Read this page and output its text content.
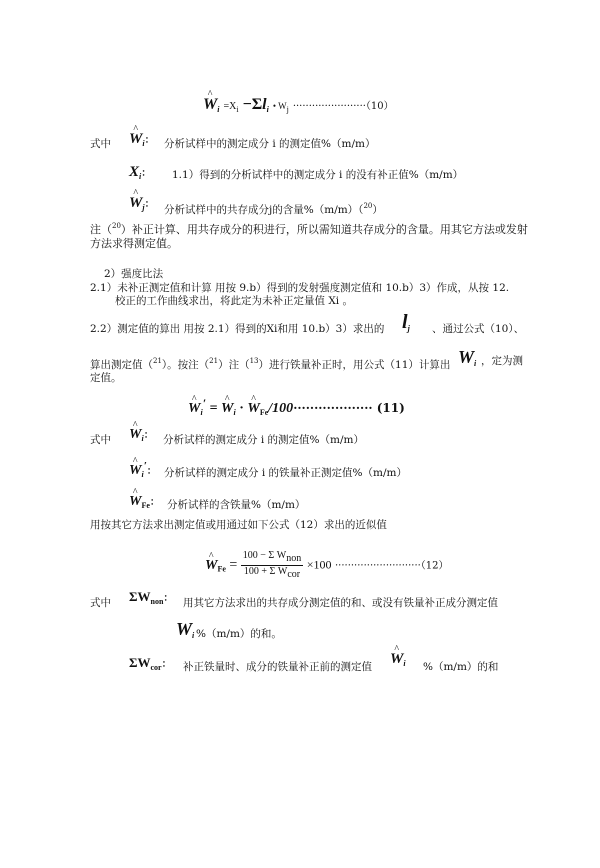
^ $W_i =X_i -\Sigma l_i$ • $W_j \cdot\cdot\cdot\cdot\cdot\cdot\cdot\cdot\cdot\cdot\cdot\cdot\cdot\cdot\cdot\cdot\cdot\cdot\cdot\cdot\cdot\cdot\cdot(10)$
式中 ^ $W_i$： 分析试样中的测定成分 i 的测定值%（m/m）
$X_i$： 1.1）得到的分析试样中的测定成分 i 的没有补正值%（m/m）
^ $W_j$： 分析试样中的共存成分j的含量%（m/m）（$^{20}$）
注（$^{20}$）补正计算、用共存成分的积进行，所以需知道共存成分的含量。用其它方法或发射
方法求得测定值。
2）强度比法
2.1）未补正测定值和计算 用按 9.b）得到的发射强度测定值和 10.b）3）作成，从按 12.
校正的工作曲线求出，将此定为未补正定量值 Xi 。
2.2）测定值的算出 用按 2.1）得到的Xi和用 10.b）3）求出的 $l_j$ 、通过公式（10）、
算出测定值（$^{21}$）。按注（$^{21}$）注（$^{13}$）进行铁量补正时，用公式（11）计算出 $W_i$ ，定为测
定值。
^ $W_i'$ = ^ $W_i$ · ^ $W_{Fe}/100\cdot\cdot\cdot\cdot\cdot\cdot\cdot\cdot\cdot\cdot\cdot\cdot\cdot\cdot\cdot\cdot\cdot\cdot\cdot (11)$
式中 ^ $W_i$： 分析试样的测定成分 i 的测定值%（m/m）
^ $W_i'$： 分析试样的测定成分 i 的铁量补正测定值%（m/m）
^ $W_{Fe}$： 分析试样的含铁量%（m/m）
用按其它方法求出测定值或用通过如下公式（12）求出的近似值
^ $W_{Fe} = \frac{\text{100 − Σ Wnon}}{\text{100 + Σ Wcor}} \times 100 \cdot\cdot\cdot\cdot\cdot\cdot\cdot\cdot\cdot\cdot\cdot\cdot\cdot\cdot\cdot\cdot\cdot\cdot\cdot\cdot\cdot\cdot\cdot\cdot\cdot\cdot\cdot(12)$
式中 $\Sigma W_{non}$： 用其它方法求出的共存成分测定值的和、或没有铁量补正成分测定值
$W_i$ %（m/m）的和。
$\Sigma W_{cor}$： 补正铁量时、成分的铁量补正前的测定值 ^ $W_i$ %（m/m）的和
